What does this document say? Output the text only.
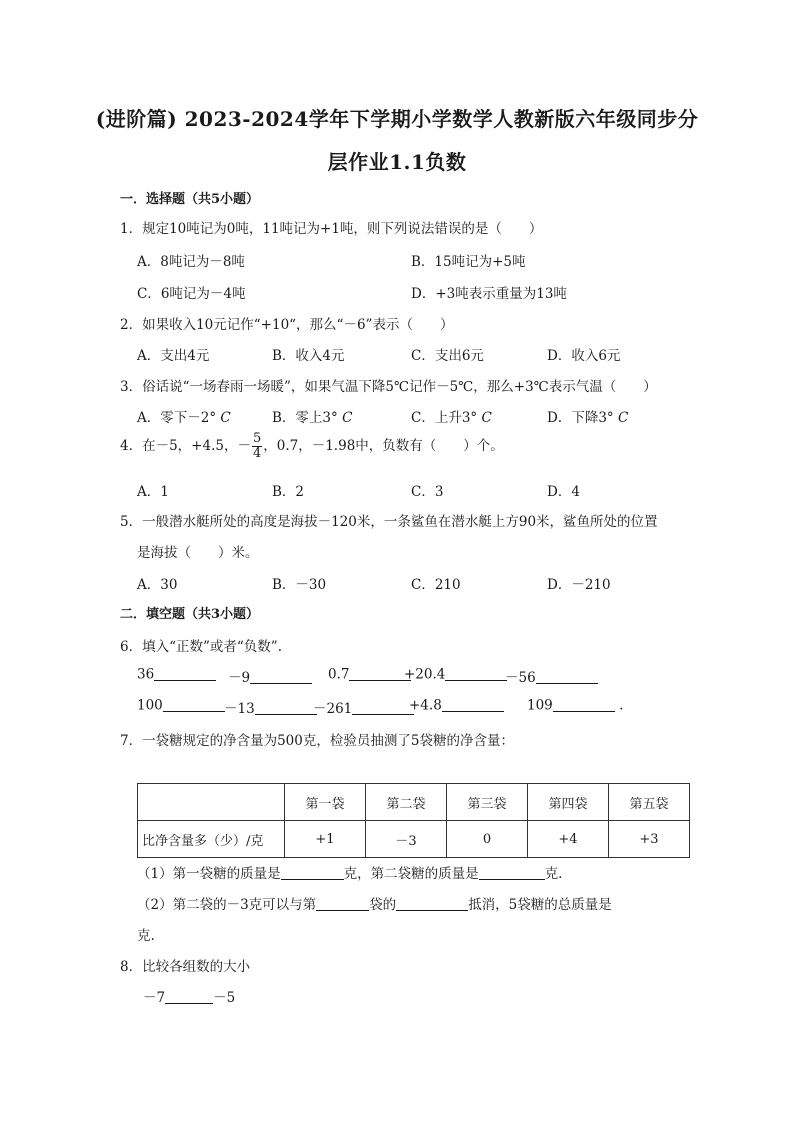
(进阶篇) 2023-2024学年下学期小学数学人教新版六年级同步分
层作业1.1负数
一．选择题（共5小题）
1．规定10吨记为0吨，11吨记为+1吨，则下列说法错误的是（　　）
A．8吨记为－8吨	B．15吨记为+5吨
C．6吨记为－4吨	D．+3吨表示重量为13吨
2．如果收入10元记作“+10“，那么“－6”表示（　　）
A．支出4元	B．收入4元	C．支出6元	D．收入6元
3．俗话说“一场春雨一场暖”，如果气温下降5℃记作－5℃，那么+3℃表示气温（　　）
A．零下－2° C	B．零上3° C	C．上升3° C	D．下降3° C
4．在－5，+4.5，－ $\frac{5}{4}$ ，0.7，－1.98中，负数有（　　）个。
A．1	B．2	C．3	D．4
5．一般潜水艇所处的高度是海拔－120米，一条鲨鱼在潜水艇上方90米，鲨鱼所处的位置
是海拔（　　）米。
A．30	B．－30	C．210	D．－210
二．填空题（共3小题）
6．填入“正数”或者“负数”.
36	－9	0.7	+20.4	－56
100	－13	－261	+4.8	109	.
7．一袋糖规定的净含量为500克，检验员抽测了5袋糖的净含量：
	第一袋	第二袋	第三袋	第四袋	第五袋
比净含量多（少）/克	+1	－3	0	+4	+3
（1）第一袋糖的质量是	克，第二袋糖的质量是	克.
（2）第二袋的－3克可以与第	袋的	抵消，5袋糖的总质量是
克.
8．比较各组数的大小
－7	－5
